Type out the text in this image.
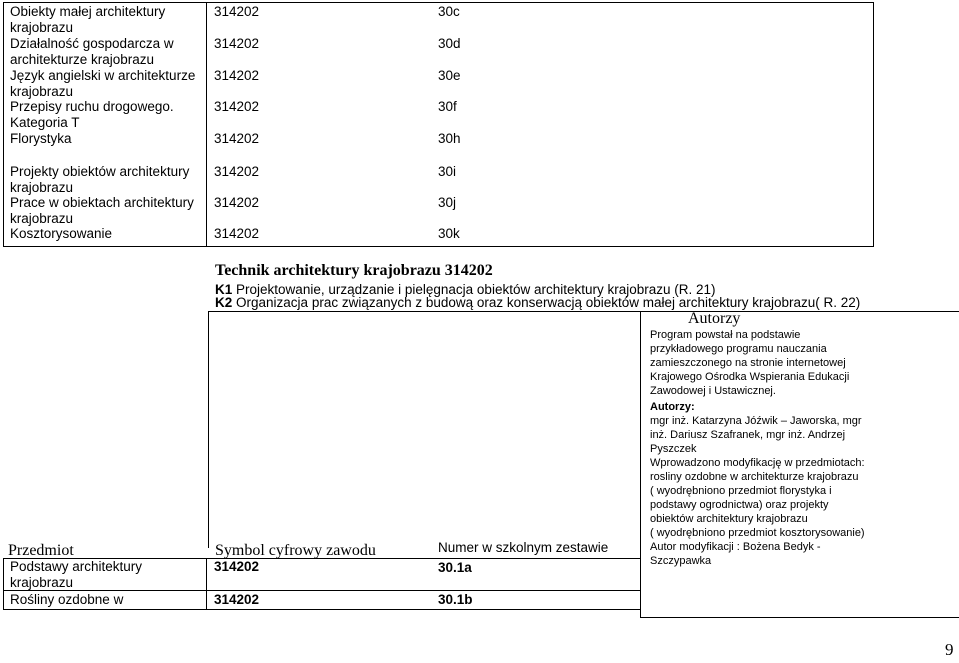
Obiekty małej architektury
krajobrazu
314202	30c
Działalność gospodarcza w
architekturze krajobrazu
314202	30d
Język angielski w architekturze
krajobrazu
314202	30e
Przepisy ruchu drogowego.
Kategoria T
314202	30f
Florystyka	314202	30h
Projekty obiektów architektury
krajobrazu
314202	30i
Prace w obiektach architektury
krajobrazu
314202	30j
Kosztorysowanie	314202	30k
Technik architektury krajobrazu 314202
K1 Projektowanie, urządzanie i pielęgnacja obiektów architektury krajobrazu (R. 21)
K2 Organizacja prac związanych z budową oraz konserwacją obiektów małej architektury krajobrazu( R. 22)
Autorzy
Program powstał na podstawie
przykładowego programu nauczania
zamieszczonego na stronie internetowej
Krajowego Ośrodka Wspierania Edukacji
Zawodowej i Ustawicznej.
Autorzy:
mgr inż. Katarzyna Jóźwik – Jaworska, mgr
inż. Dariusz Szafranek, mgr inż. Andrzej
Pyszczek
Wprowadzono modyfikację w przedmiotach:
rosliny ozdobne w architekturze krajobrazu
( wyodrębniono przedmiot florystyka i
podstawy ogrodnictwa) oraz projekty
obiektów architektury krajobrazu
( wyodrębniono przedmiot kosztorysowanie)
Autor modyfikacji : Bożena Bedyk -
Szczypawka
Przedmiot	Symbol cyfrowy zawodu	Numer w szkolnym zestawie
Podstawy architektury
krajobrazu
314202	30.1a
Rośliny ozdobne w	314202	30.1b
9
